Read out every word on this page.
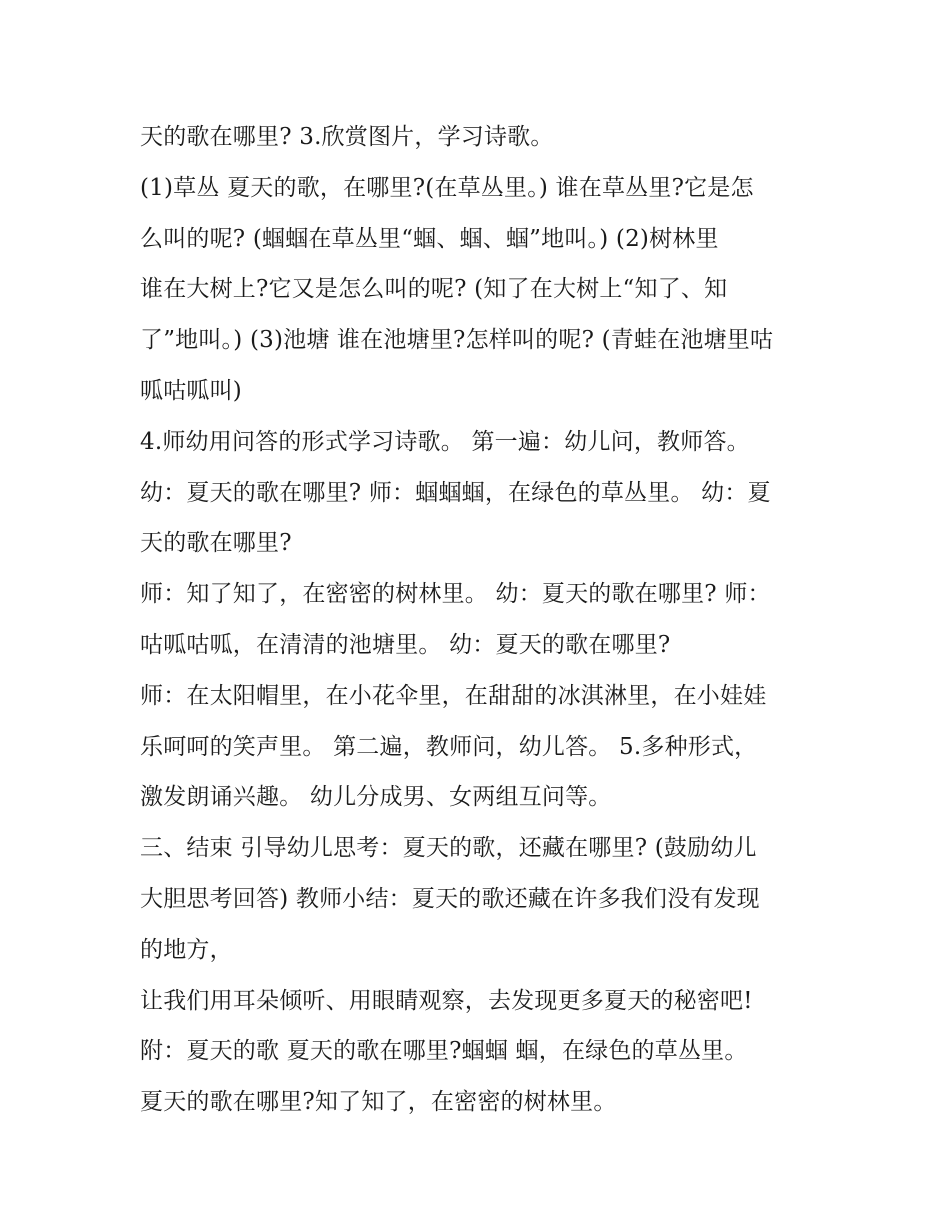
天的歌在哪里? 3.欣赏图片，学习诗歌。
(1)草丛 夏天的歌，在哪里?(在草丛里。) 谁在草丛里?它是怎
么叫的呢? (蝈蝈在草丛里“蝈、蝈、蝈”地叫。) (2)树林里
谁在大树上?它又是怎么叫的呢? (知了在大树上“知了、知
了”地叫。) (3)池塘 谁在池塘里?怎样叫的呢? (青蛙在池塘里咕
呱咕呱叫)
4.师幼用问答的形式学习诗歌。 第一遍：幼儿问，教师答。
幼：夏天的歌在哪里? 师：蝈蝈蝈，在绿色的草丛里。 幼：夏
天的歌在哪里?
师：知了知了，在密密的树林里。 幼：夏天的歌在哪里? 师：
咕呱咕呱，在清清的池塘里。 幼：夏天的歌在哪里?
师：在太阳帽里，在小花伞里，在甜甜的冰淇淋里，在小娃娃
乐呵呵的笑声里。 第二遍，教师问，幼儿答。 5.多种形式，
激发朗诵兴趣。 幼儿分成男、女两组互问等。
三、结束 引导幼儿思考：夏天的歌，还藏在哪里? (鼓励幼儿
大胆思考回答) 教师小结：夏天的歌还藏在许多我们没有发现
的地方，
让我们用耳朵倾听、用眼睛观察，去发现更多夏天的秘密吧!
附：夏天的歌 夏天的歌在哪里?蝈蝈 蝈，在绿色的草丛里。
夏天的歌在哪里?知了知了，在密密的树林里。
